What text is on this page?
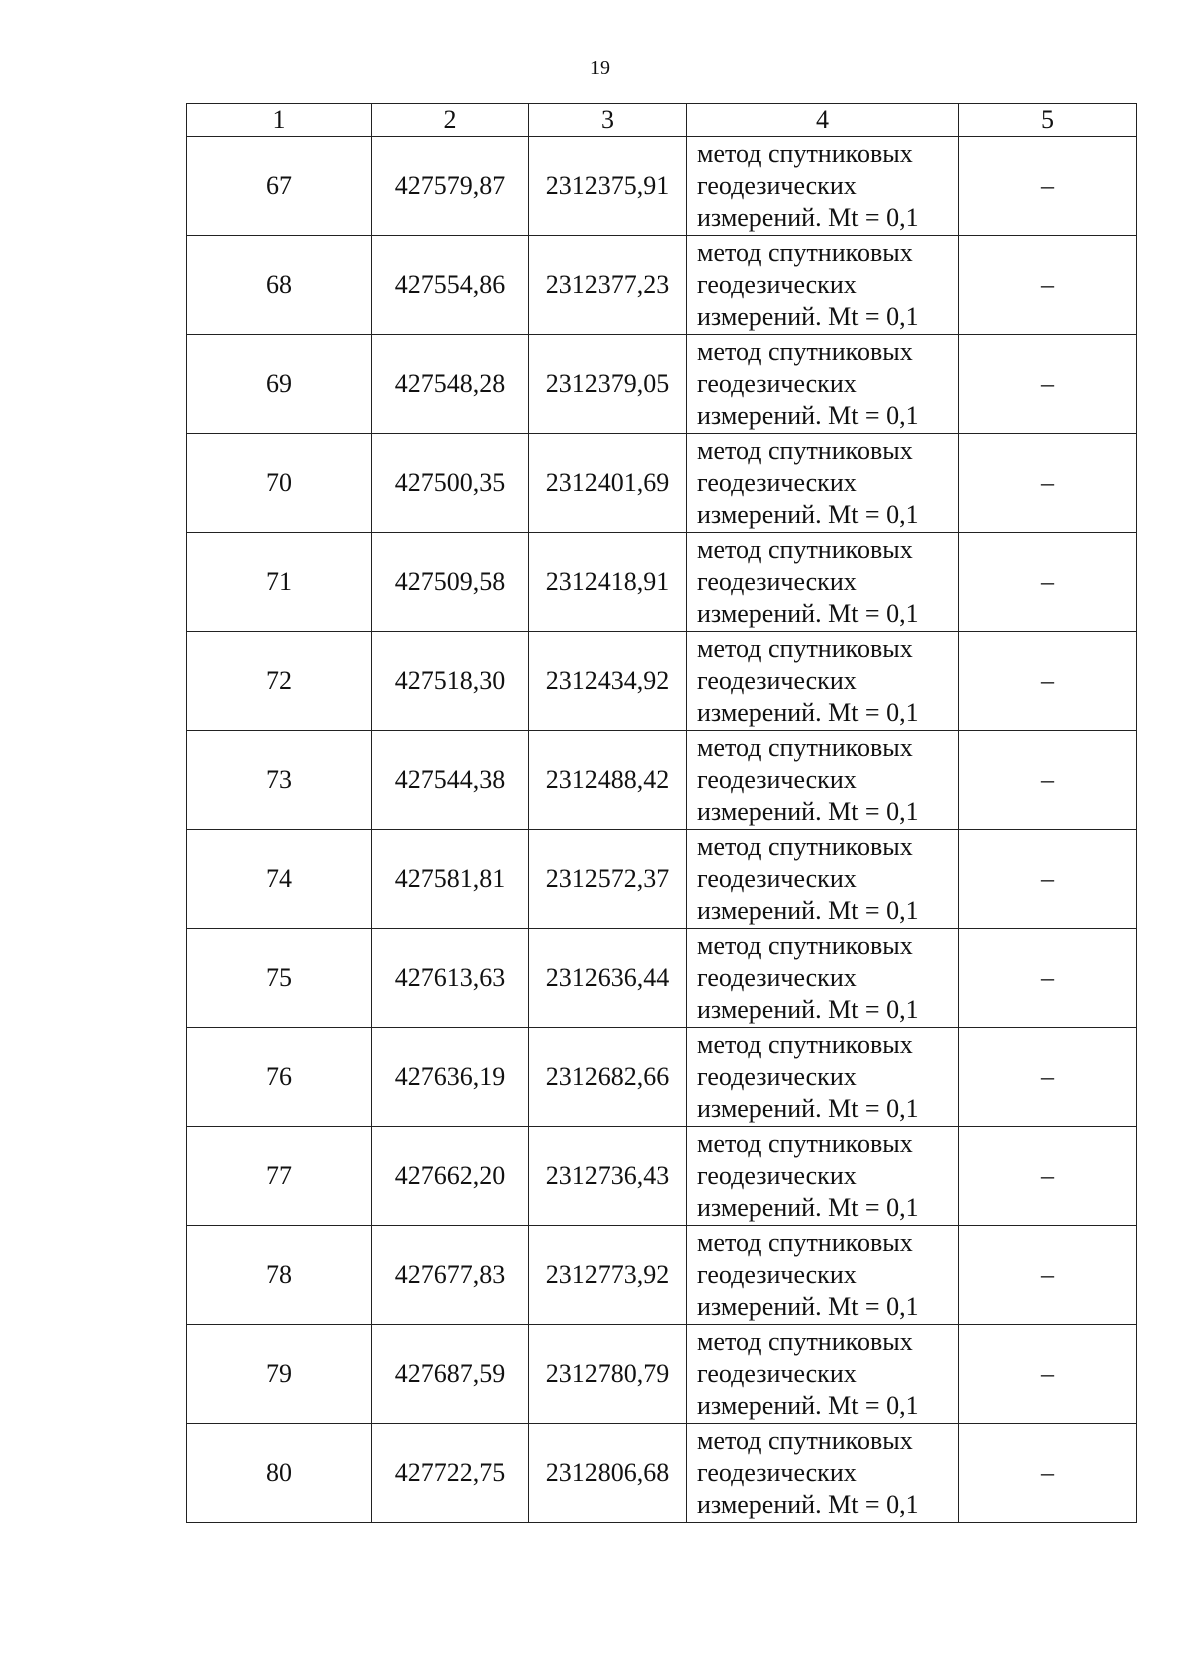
19
1	2	3	4	5
67	427579,87	2312375,91	метод спутниковых
геодезических
измерений. Mt = 0,1	–
68	427554,86	2312377,23	метод спутниковых
геодезических
измерений. Mt = 0,1	–
69	427548,28	2312379,05	метод спутниковых
геодезических
измерений. Mt = 0,1	–
70	427500,35	2312401,69	метод спутниковых
геодезических
измерений. Mt = 0,1	–
71	427509,58	2312418,91	метод спутниковых
геодезических
измерений. Mt = 0,1	–
72	427518,30	2312434,92	метод спутниковых
геодезических
измерений. Mt = 0,1	–
73	427544,38	2312488,42	метод спутниковых
геодезических
измерений. Mt = 0,1	–
74	427581,81	2312572,37	метод спутниковых
геодезических
измерений. Mt = 0,1	–
75	427613,63	2312636,44	метод спутниковых
геодезических
измерений. Mt = 0,1	–
76	427636,19	2312682,66	метод спутниковых
геодезических
измерений. Mt = 0,1	–
77	427662,20	2312736,43	метод спутниковых
геодезических
измерений. Mt = 0,1	–
78	427677,83	2312773,92	метод спутниковых
геодезических
измерений. Mt = 0,1	–
79	427687,59	2312780,79	метод спутниковых
геодезических
измерений. Mt = 0,1	–
80	427722,75	2312806,68	метод спутниковых
геодезических
измерений. Mt = 0,1	–
